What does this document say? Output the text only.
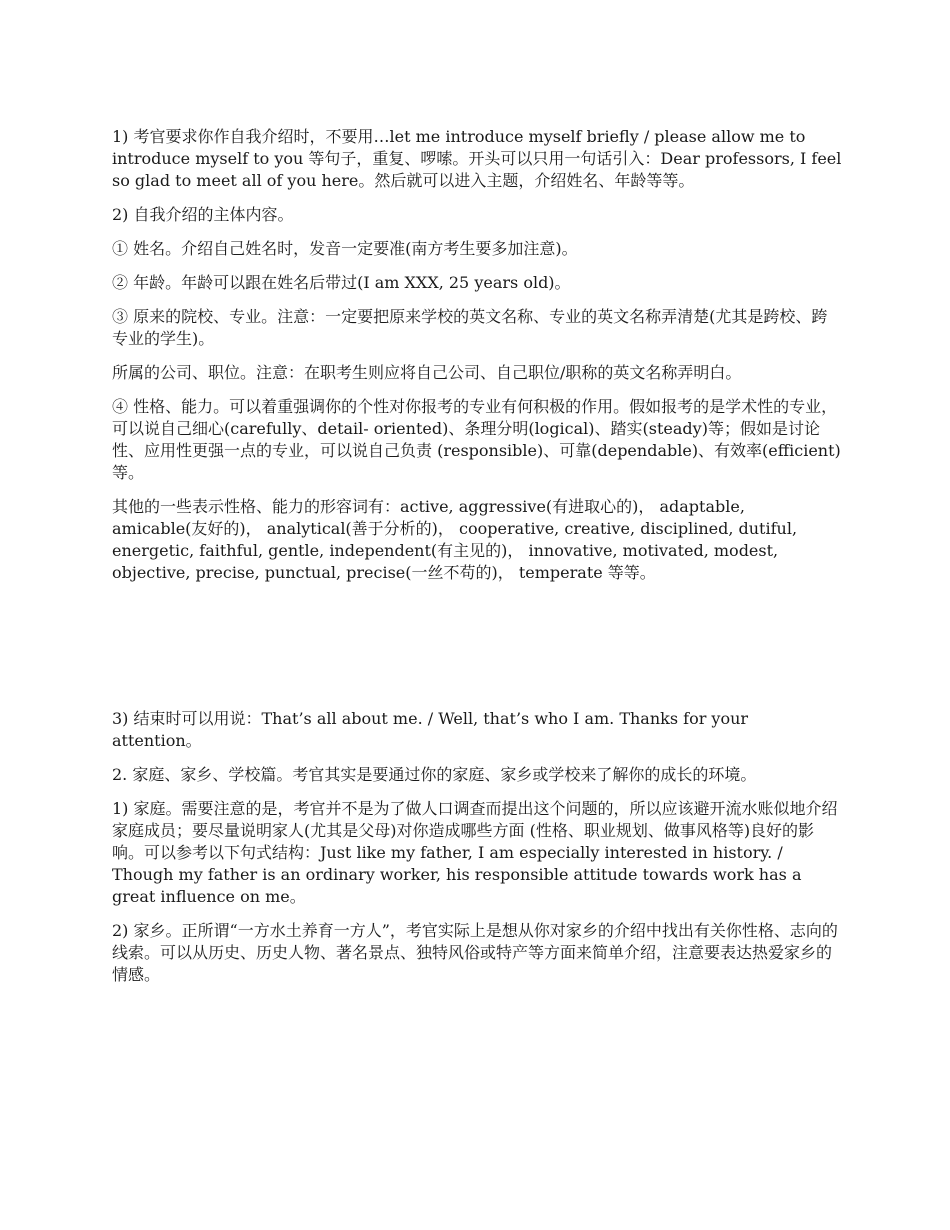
1) 考官要求你作自我介绍时，不要用…let me introduce myself briefly / please allow me to introduce myself to you 等句子，重复、啰嗦。开头可以只用一句话引入：Dear professors, I feel so glad to meet all of you here。然后就可以进入主题，介绍姓名、年龄等等。

2) 自我介绍的主体内容。

① 姓名。介绍自己姓名时，发音一定要准(南方考生要多加注意)。

② 年龄。年龄可以跟在姓名后带过(I am XXX, 25 years old)。

③ 原来的院校、专业。注意：一定要把原来学校的英文名称、专业的英文名称弄清楚(尤其是跨校、跨专业的学生)。

所属的公司、职位。注意：在职考生则应将自己公司、自己职位/职称的英文名称弄明白。

④ 性格、能力。可以着重强调你的个性对你报考的专业有何积极的作用。假如报考的是学术性的专业，可以说自己细心(carefully、detail- oriented)、条理分明(logical)、踏实(steady)等；假如是讨论性、应用性更强一点的专业，可以说自己负责 (responsible)、可靠(dependable)、有效率(efficient)等。

其他的一些表示性格、能力的形容词有：active, aggressive(有进取心的)， adaptable, amicable(友好的)， analytical(善于分析的)， cooperative, creative, disciplined, dutiful, energetic, faithful, gentle, independent(有主见的)， innovative, motivated, modest, objective, precise, punctual, precise(一丝不苟的)， temperate 等等。

3) 结束时可以用说：That’s all about me. / Well, that’s who I am. Thanks for your attention。

2. 家庭、家乡、学校篇。考官其实是要通过你的家庭、家乡或学校来了解你的成长的环境。

1) 家庭。需要注意的是，考官并不是为了做人口调查而提出这个问题的，所以应该避开流水账似地介绍家庭成员；要尽量说明家人(尤其是父母)对你造成哪些方面 (性格、职业规划、做事风格等)良好的影响。可以参考以下句式结构：Just like my father, I am especially interested in history. / Though my father is an ordinary worker, his responsible attitude towards work has a great influence on me。

2) 家乡。正所谓“一方水土养育一方人”，考官实际上是想从你对家乡的介绍中找出有关你性格、志向的线索。可以从历史、历史人物、著名景点、独特风俗或特产等方面来简单介绍，注意要表达热爱家乡的情感。
